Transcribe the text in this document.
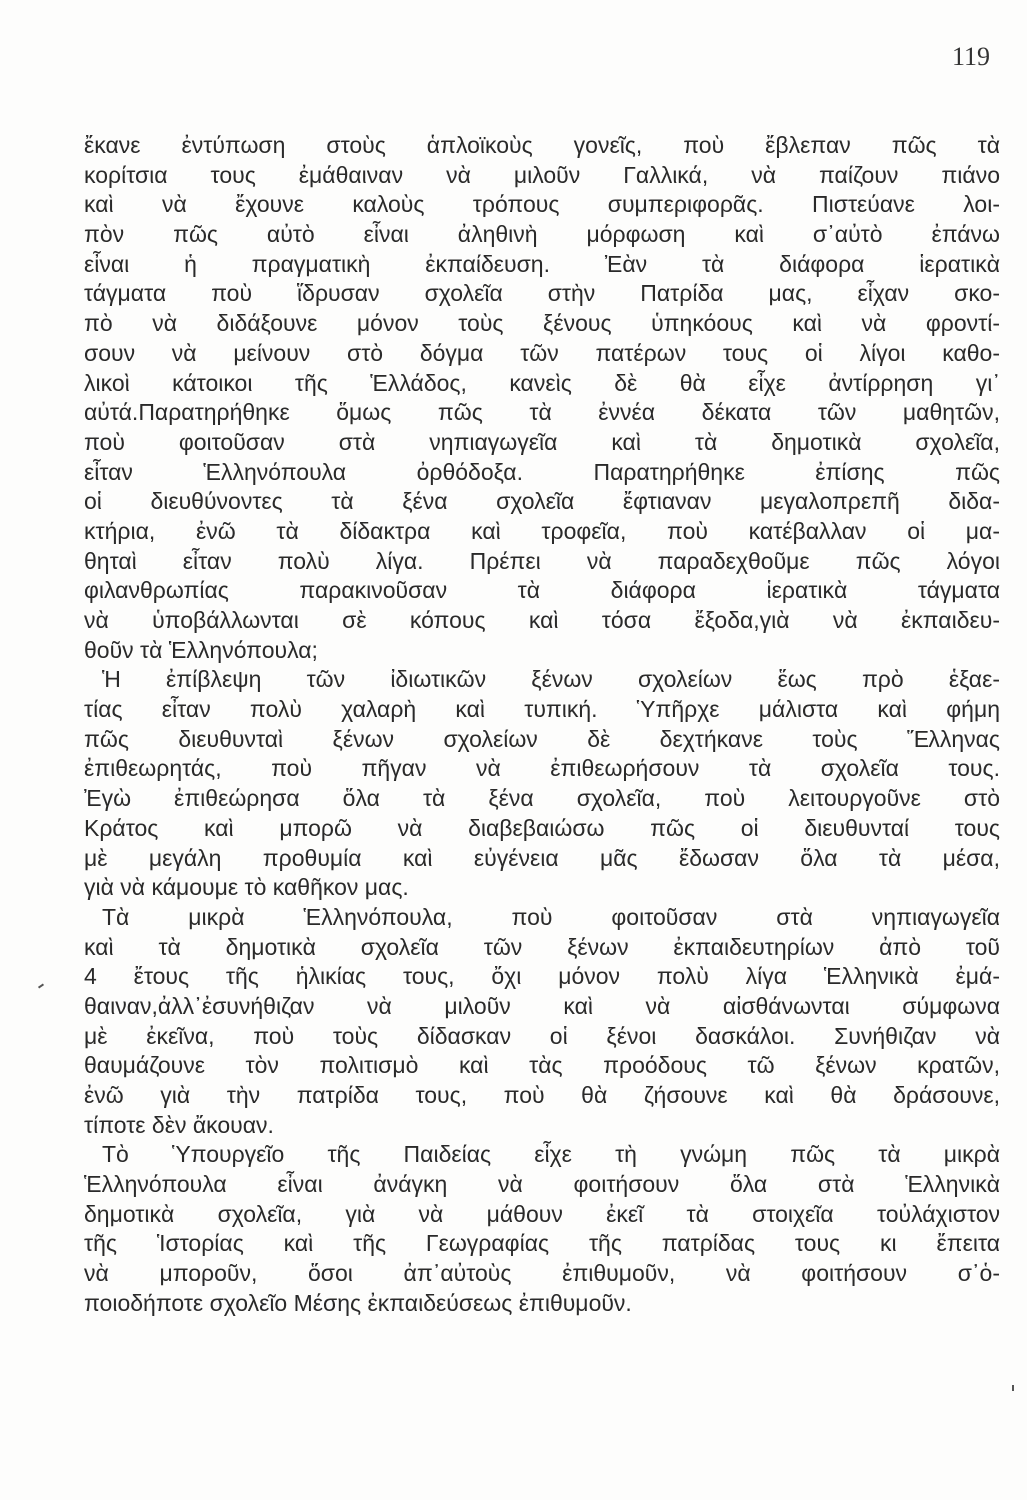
119
ἔκανε ἐντύπωση στοὺς ἁπλοϊκοὺς γονεῖς, ποὺ ἔβλεπαν πῶς τὰ
κορίτσια τους ἐμάθαιναν νὰ μιλοῦν Γαλλικά, νὰ παίζουν πιάνο
καὶ νὰ ἔχουνε καλοὺς τρόπους συμπεριφορᾶς. Πιστεύανε λοι-
πὸν πῶς αὐτὸ εἶναι ἀληθινὴ μόρφωση καὶ σ᾽αὐτὸ ἐπάνω
εἶναι ἡ πραγματικὴ ἐκπαίδευση. Ἐὰν τὰ διάφορα ἱερατικὰ
τάγματα ποὺ ἵδρυσαν σχολεῖα στὴν Πατρίδα μας, εἶχαν σκο-
πὸ νὰ διδάξουνε μόνον τοὺς ξένους ὑπηκόους καὶ νὰ φροντί-
σουν νὰ μείνουν στὸ δόγμα τῶν πατέρων τους οἱ λίγοι καθο-
λικοὶ κάτοικοι τῆς Ἑλλάδος, κανεὶς δὲ θὰ εἶχε ἀντίρρηση γι᾽
αὐτά.Παρατηρήθηκε ὅμως πῶς τὰ ἐννέα δέκατα τῶν μαθητῶν,
ποὺ φοιτοῦσαν στὰ νηπιαγωγεῖα καὶ τὰ δημοτικὰ σχολεῖα,
εἶταν Ἑλληνόπουλα ὀρθόδοξα. Παρατηρήθηκε ἐπίσης πῶς
οἱ διευθύνοντες τὰ ξένα σχολεῖα ἔφτιαναν μεγαλοπρεπῆ διδα-
κτήρια, ἐνῶ τὰ δίδακτρα καὶ τροφεῖα, ποὺ κατέβαλλαν οἱ μα-
θηταὶ εἶταν πολὺ λίγα. Πρέπει νὰ παραδεχθοῦμε πῶς λόγοι
φιλανθρωπίας παρακινοῦσαν τὰ διάφορα ἱερατικὰ τάγματα
νὰ ὑποβάλλωνται σὲ κόπους καὶ τόσα ἔξοδα,γιὰ νὰ ἐκπαιδευ-
θοῦν τὰ Ἑλληνόπουλα;
Ἡ ἐπίβλεψη τῶν ἰδιωτικῶν ξένων σχολείων ἕως πρὸ ἑξαε-
τίας εἶταν πολὺ χαλαρὴ καὶ τυπική. Ὑπῆρχε μάλιστα καὶ φήμη
πῶς διευθυνταὶ ξένων σχολείων δὲ δεχτήκανε τοὺς Ἕλληνας
ἐπιθεωρητάς, ποὺ πῆγαν νὰ ἐπιθεωρήσουν τὰ σχολεῖα τους.
Ἐγὼ ἐπιθεώρησα ὅλα τὰ ξένα σχολεῖα, ποὺ λειτουργοῦνε στὸ
Κράτος καὶ μπορῶ νὰ διαβεβαιώσω πῶς οἱ διευθυνταί τους
μὲ μεγάλη προθυμία καὶ εὐγένεια μᾶς ἔδωσαν ὅλα τὰ μέσα,
γιὰ νὰ κάμουμε τὸ καθῆκον μας.
Τὰ μικρὰ Ἑλληνόπουλα, ποὺ φοιτοῦσαν στὰ νηπιαγωγεῖα
καὶ τὰ δημοτικὰ σχολεῖα τῶν ξένων ἐκπαιδευτηρίων ἀπὸ τοῦ
4 ἔτους τῆς ἡλικίας τους, ὄχι μόνον πολὺ λίγα Ἑλληνικὰ ἐμά-
θαιναν,ἀλλ᾽ἐσυνήθιζαν νὰ μιλοῦν καὶ νὰ αἰσθάνωνται σύμφωνα
μὲ ἐκεῖνα, ποὺ τοὺς δίδασκαν οἱ ξένοι δασκάλοι. Συνήθιζαν νὰ
θαυμάζουνε τὸν πολιτισμὸ καὶ τὰς προόδους τῶ ξένων κρατῶν,
ἐνῶ γιὰ τὴν πατρίδα τους, ποὺ θὰ ζήσουνε καὶ θὰ δράσουνε,
τίποτε δὲν ἄκουαν.
Τὸ Ὑπουργεῖο τῆς Παιδείας εἶχε τὴ γνώμη πῶς τὰ μικρὰ
Ἑλληνόπουλα εἶναι ἀνάγκη νὰ φοιτήσουν ὅλα στὰ Ἑλληνικὰ
δημοτικὰ σχολεῖα, γιὰ νὰ μάθουν ἐκεῖ τὰ στοιχεῖα τοὐλάχιστον
τῆς Ἱστορίας καὶ τῆς Γεωγραφίας τῆς πατρίδας τους κι ἔπειτα
νὰ μποροῦν, ὅσοι ἀπ᾽αὐτοὺς ἐπιθυμοῦν, νὰ φοιτήσουν σ᾽ὁ-
ποιοδήποτε σχολεῖο Μέσης ἐκπαιδεύσεως ἐπιθυμοῦν.
